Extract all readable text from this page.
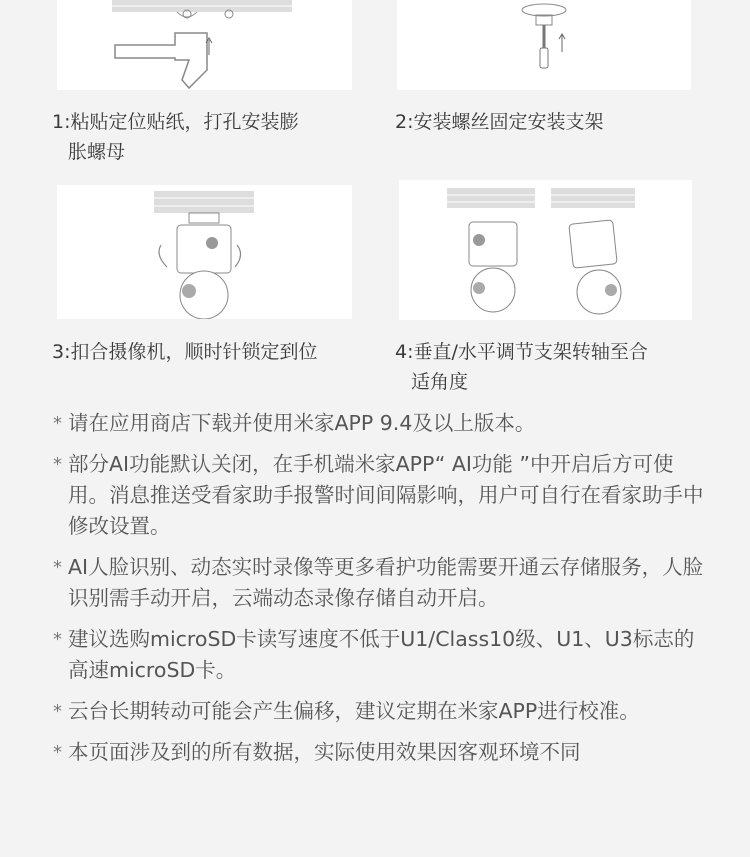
1:粘贴定位贴纸，打孔安装膨
胀螺母
2:安装螺丝固定安装支架
3:扣合摄像机，顺时针锁定到位	4:垂直/水平调节支架转轴至合
适角度
* 请在应用商店下载并使用米家APP 9.4及以上版本。
* 部分AI功能默认关闭，在手机端米家APP“ AI功能 ”中开启后方可使用。消息推送受看家助手报警时间间隔影响，用户可自行在看家助手中修改设置。
* AI人脸识别、动态实时录像等更多看护功能需要开通云存储服务，人脸识别需手动开启，云端动态录像存储自动开启。
* 建议选购microSD卡读写速度不低于U1/Class10级、U1、U3标志的高速microSD卡。
* 云台长期转动可能会产生偏移，建议定期在米家APP进行校准。
* 本页面涉及到的所有数据，实际使用效果因客观环境不同
